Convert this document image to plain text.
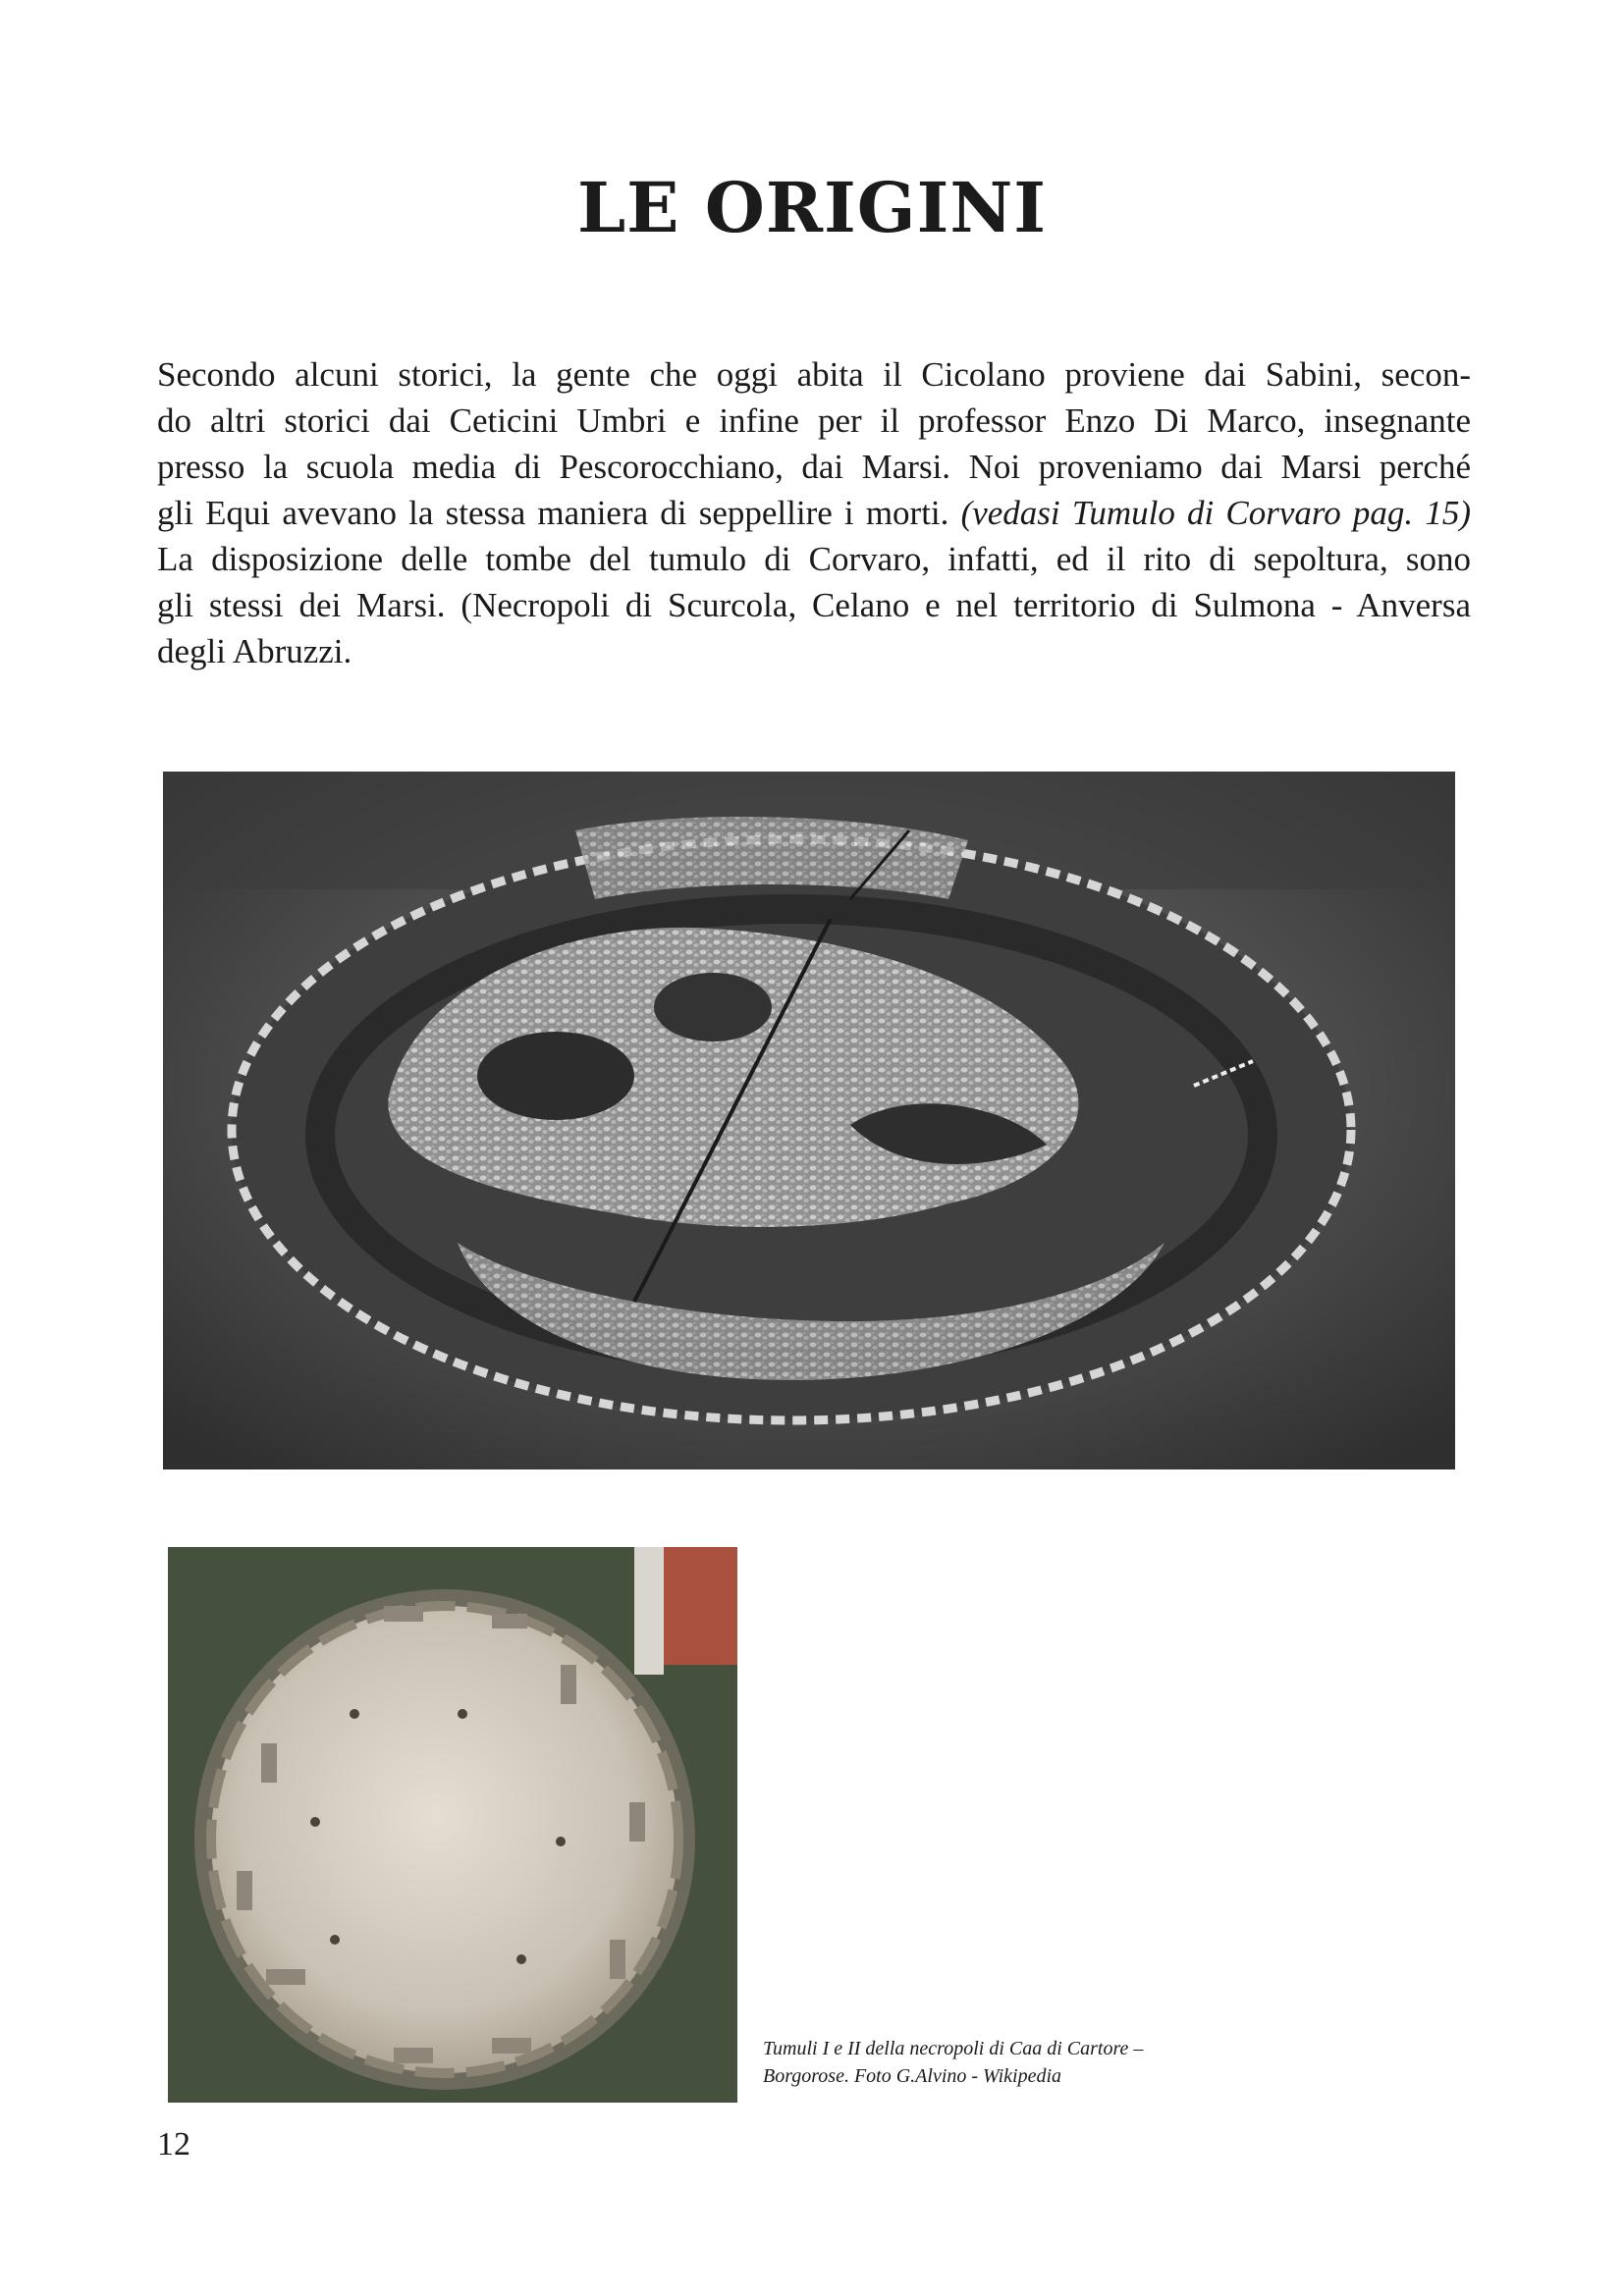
LE ORIGINI
Secondo alcuni storici, la gente che oggi abita il Cicolano proviene dai Sabini, secon-
do altri storici dai Ceticini Umbri e infine per il professor Enzo Di Marco, insegnante
presso la scuola media di Pescorocchiano, dai Marsi. Noi proveniamo dai Marsi perché
gli Equi avevano la stessa maniera di seppellire i morti. (vedasi Tumulo di Corvaro pag. 15)
La disposizione delle tombe del tumulo di Corvaro, infatti, ed il rito di sepoltura, sono
gli stessi dei Marsi. (Necropoli di Scurcola, Celano e nel territorio di Sulmona - Anversa
degli Abruzzi.

Tumuli I e II della necropoli di Caa di Cartore –
Borgorose. Foto G.Alvino - Wikipedia

12
